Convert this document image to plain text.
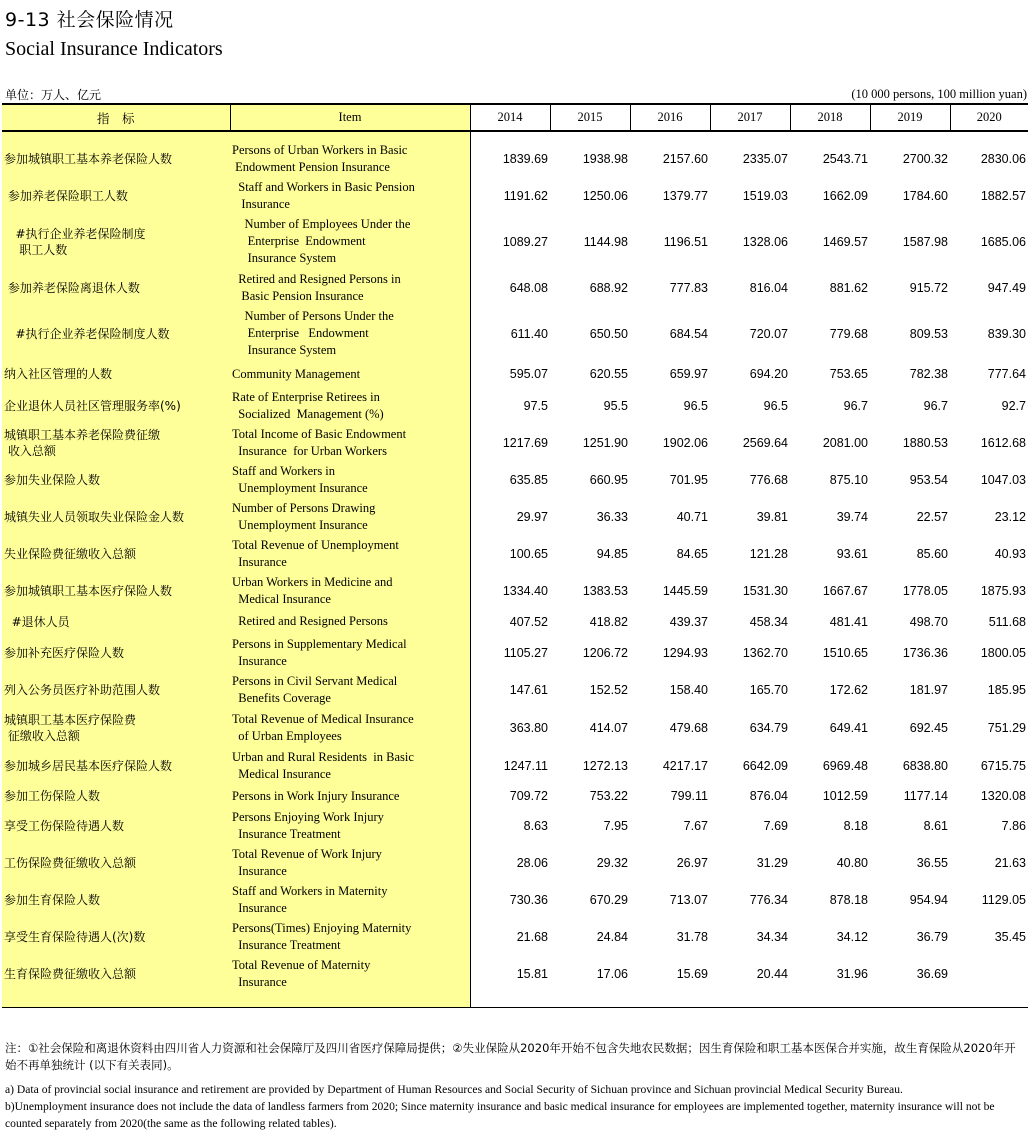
9-13 社会保险情况
Social Insurance Indicators
单位：万人、亿元	(10 000 persons, 100 million yuan)
指　标	Item	2014	2015	2016	2017	2018	2019	2020

参加城镇职工基本养老保险人数	Persons of Urban Workers in Basic
Endowment Pension Insurance	1839.69	1938.98	2157.60	2335.07	2543.71	2700.32	2830.06
参加养老保险职工人数	Staff and Workers in Basic Pension
Insurance	1191.62	1250.06	1379.77	1519.03	1662.09	1784.60	1882.57
#执行企业养老保险制度
职工人数	Number of Employees Under the
Enterprise  Endowment
Insurance System	1089.27	1144.98	1196.51	1328.06	1469.57	1587.98	1685.06
参加养老保险离退休人数	Retired and Resigned Persons in
Basic Pension Insurance	648.08	688.92	777.83	816.04	881.62	915.72	947.49
#执行企业养老保险制度人数	Number of Persons Under the
Enterprise   Endowment
Insurance System	611.40	650.50	684.54	720.07	779.68	809.53	839.30
纳入社区管理的人数	Community Management	595.07	620.55	659.97	694.20	753.65	782.38	777.64
企业退休人员社区管理服务率(%)	Rate of Enterprise Retirees in
Socialized  Management (%)	97.5	95.5	96.5	96.5	96.7	96.7	92.7
城镇职工基本养老保险费征缴
收入总额	Total Income of Basic Endowment
Insurance  for Urban Workers	1217.69	1251.90	1902.06	2569.64	2081.00	1880.53	1612.68
参加失业保险人数	Staff and Workers in
Unemployment Insurance	635.85	660.95	701.95	776.68	875.10	953.54	1047.03
城镇失业人员领取失业保险金人数	Number of Persons Drawing
Unemployment Insurance	29.97	36.33	40.71	39.81	39.74	22.57	23.12
失业保险费征缴收入总额	Total Revenue of Unemployment
Insurance	100.65	94.85	84.65	121.28	93.61	85.60	40.93
参加城镇职工基本医疗保险人数	Urban Workers in Medicine and
Medical Insurance	1334.40	1383.53	1445.59	1531.30	1667.67	1778.05	1875.93
#退休人员	Retired and Resigned Persons	407.52	418.82	439.37	458.34	481.41	498.70	511.68
参加补充医疗保险人数	Persons in Supplementary Medical
Insurance	1105.27	1206.72	1294.93	1362.70	1510.65	1736.36	1800.05
列入公务员医疗补助范围人数	Persons in Civil Servant Medical
Benefits Coverage	147.61	152.52	158.40	165.70	172.62	181.97	185.95
城镇职工基本医疗保险费
征缴收入总额	Total Revenue of Medical Insurance
of Urban Employees	363.80	414.07	479.68	634.79	649.41	692.45	751.29
参加城乡居民基本医疗保险人数	Urban and Rural Residents  in Basic
Medical Insurance	1247.11	1272.13	4217.17	6642.09	6969.48	6838.80	6715.75
参加工伤保险人数	Persons in Work Injury Insurance	709.72	753.22	799.11	876.04	1012.59	1177.14	1320.08
享受工伤保险待遇人数	Persons Enjoying Work Injury
Insurance Treatment	8.63	7.95	7.67	7.69	8.18	8.61	7.86
工伤保险费征缴收入总额	Total Revenue of Work Injury
Insurance	28.06	29.32	26.97	31.29	40.80	36.55	21.63
参加生育保险人数	Staff and Workers in Maternity
Insurance	730.36	670.29	713.07	776.34	878.18	954.94	1129.05
享受生育保险待遇人(次)数	Persons(Times) Enjoying Maternity
Insurance Treatment	21.68	24.84	31.78	34.34	34.12	36.79	35.45
生育保险费征缴收入总额	Total Revenue of Maternity
Insurance	15.81	17.06	15.69	20.44	31.96	36.69	

注：①社会保险和离退休资料由四川省人力资源和社会保障厅及四川省医疗保障局提供；②失业保险从2020年开始不包含失地农民数据；因生育保险和职工基本医保合并实施，故生育保险从2020年开始不再单独统计 (以下有关表同)。
a) Data of provincial social insurance and retirement are provided by Department of Human Resources and Social Security of Sichuan province and Sichuan provincial Medical Security Bureau.
b)Unemployment insurance does not include the data of landless farmers from 2020; Since maternity insurance and basic medical insurance for employees are implemented together, maternity insurance will not be counted separately from 2020(the same as the following related tables).
